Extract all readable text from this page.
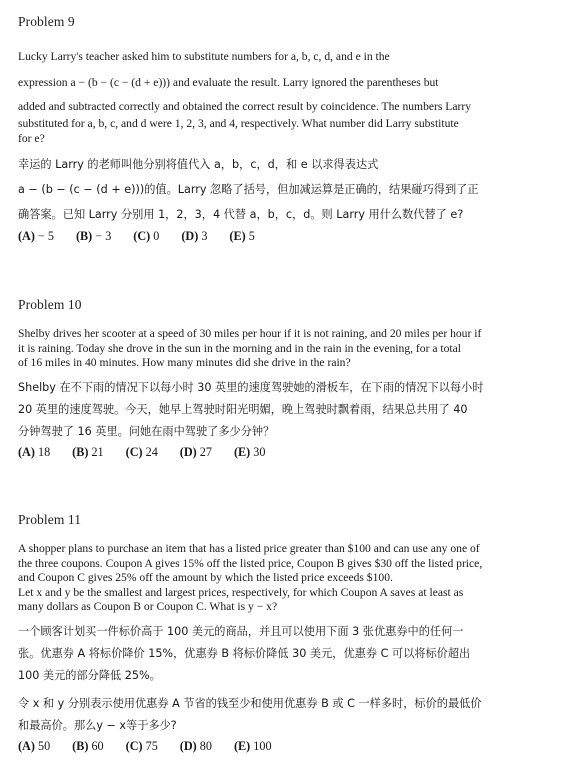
Problem 9

Lucky Larry's teacher asked him to substitute numbers for a, b, c, d, and e in the

expression a − (b − (c − (d + e))) and evaluate the result. Larry ignored the parentheses but

added and subtracted correctly and obtained the correct result by coincidence. The numbers Larry

substituted for a, b, c, and d were 1, 2, 3, and 4, respectively. What number did Larry substitute

for e?

幸运的 Larry 的老师叫他分别将值代入 a，b，c，d，和 e 以求得表达式

a − (b − (c − (d + e)))的值。Larry 忽略了括号，但加减运算是正确的，结果碰巧得到了正

确答案。已知 Larry 分别用 1，2，3，4 代替 a，b，c，d。则 Larry 用什么数代替了 e?

(A) − 5 (B) − 3 (C) 0 (D) 3 (E) 5
Problem 10

Shelby drives her scooter at a speed of 30 miles per hour if it is not raining, and 20 miles per hour if

it is raining. Today she drove in the sun in the morning and in the rain in the evening, for a total

of 16 miles in 40 minutes. How many minutes did she drive in the rain?

Shelby 在不下雨的情况下以每小时 30 英里的速度驾驶她的滑板车，在下雨的情况下以每小时

20 英里的速度驾驶。今天，她早上驾驶时阳光明媚，晚上驾驶时飘着雨，结果总共用了 40

分钟驾驶了 16 英里。问她在雨中驾驶了多少分钟？

(A) 18 (B) 21 (C) 24 (D) 27 (E) 30
Problem 11

A shopper plans to purchase an item that has a listed price greater than $100 and can use any one of

the three coupons. Coupon A gives 15% off the listed price, Coupon B gives $30 off the listed price,

and Coupon C gives 25% off the amount by which the listed price exceeds $100.

Let x and y be the smallest and largest prices, respectively, for which Coupon A saves at least as

many dollars as Coupon B or Coupon C. What is y − x?

一个顾客计划买一件标价高于 100 美元的商品，并且可以使用下面 3 张优惠券中的任何一

张。优惠券 A 将标价降价 15%，优惠券 B 将标价降低 30 美元，优惠券 C 可以将标价超出

100 美元的部分降低 25%。

令 x 和 y 分别表示使用优惠券 A 节省的钱至少和使用优惠券 B 或 C 一样多时，标价的最低价

和最高价。那么y − x等于多少?

(A) 50 (B) 60 (C) 75 (D) 80 (E) 100
